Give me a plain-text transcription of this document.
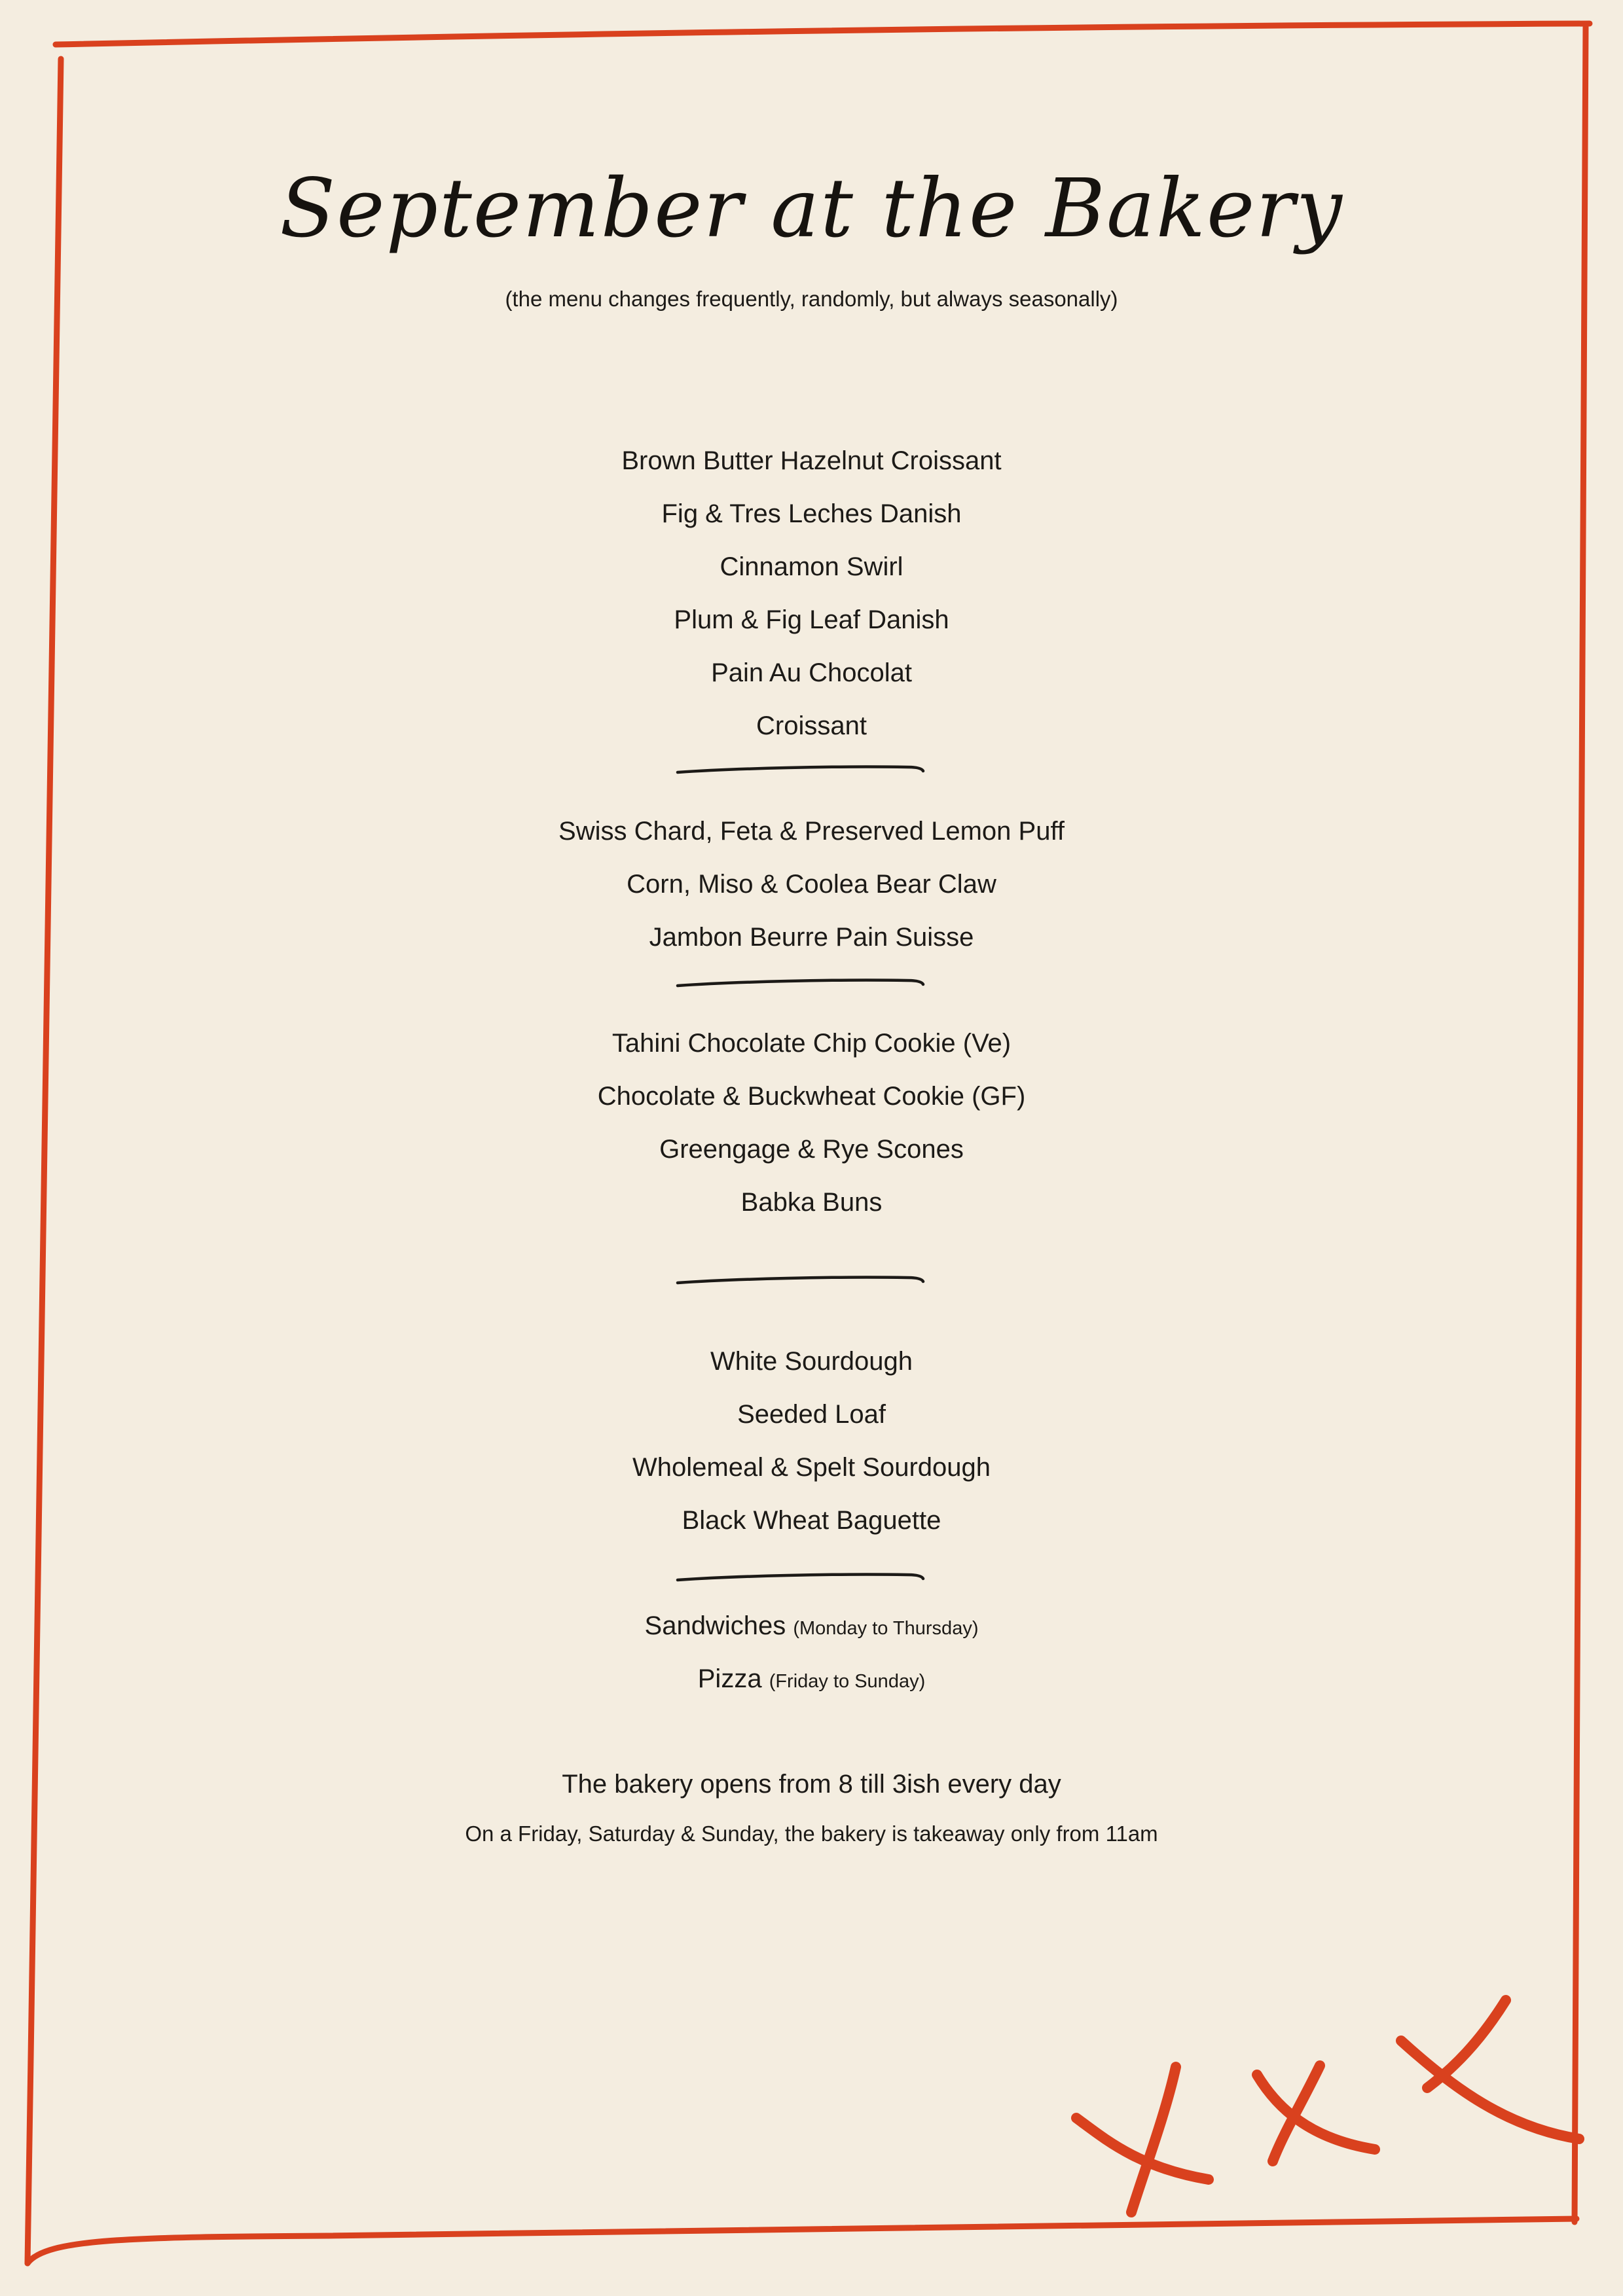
September at the Bakery
(the menu changes frequently, randomly, but always seasonally)
Brown Butter Hazelnut Croissant
Fig & Tres Leches Danish
Cinnamon Swirl
Plum & Fig Leaf Danish
Pain Au Chocolat
Croissant
Swiss Chard, Feta & Preserved Lemon Puff
Corn, Miso & Coolea Bear Claw
Jambon Beurre Pain Suisse
Tahini Chocolate Chip Cookie (Ve)
Chocolate & Buckwheat Cookie (GF)
Greengage & Rye Scones
Babka Buns
White Sourdough
Seeded Loaf
Wholemeal & Spelt Sourdough
Black Wheat Baguette
Sandwiches (Monday to Thursday)
Pizza (Friday to Sunday)
The bakery opens from 8 till 3ish every day
On a Friday, Saturday & Sunday, the bakery is takeaway only from 11am
